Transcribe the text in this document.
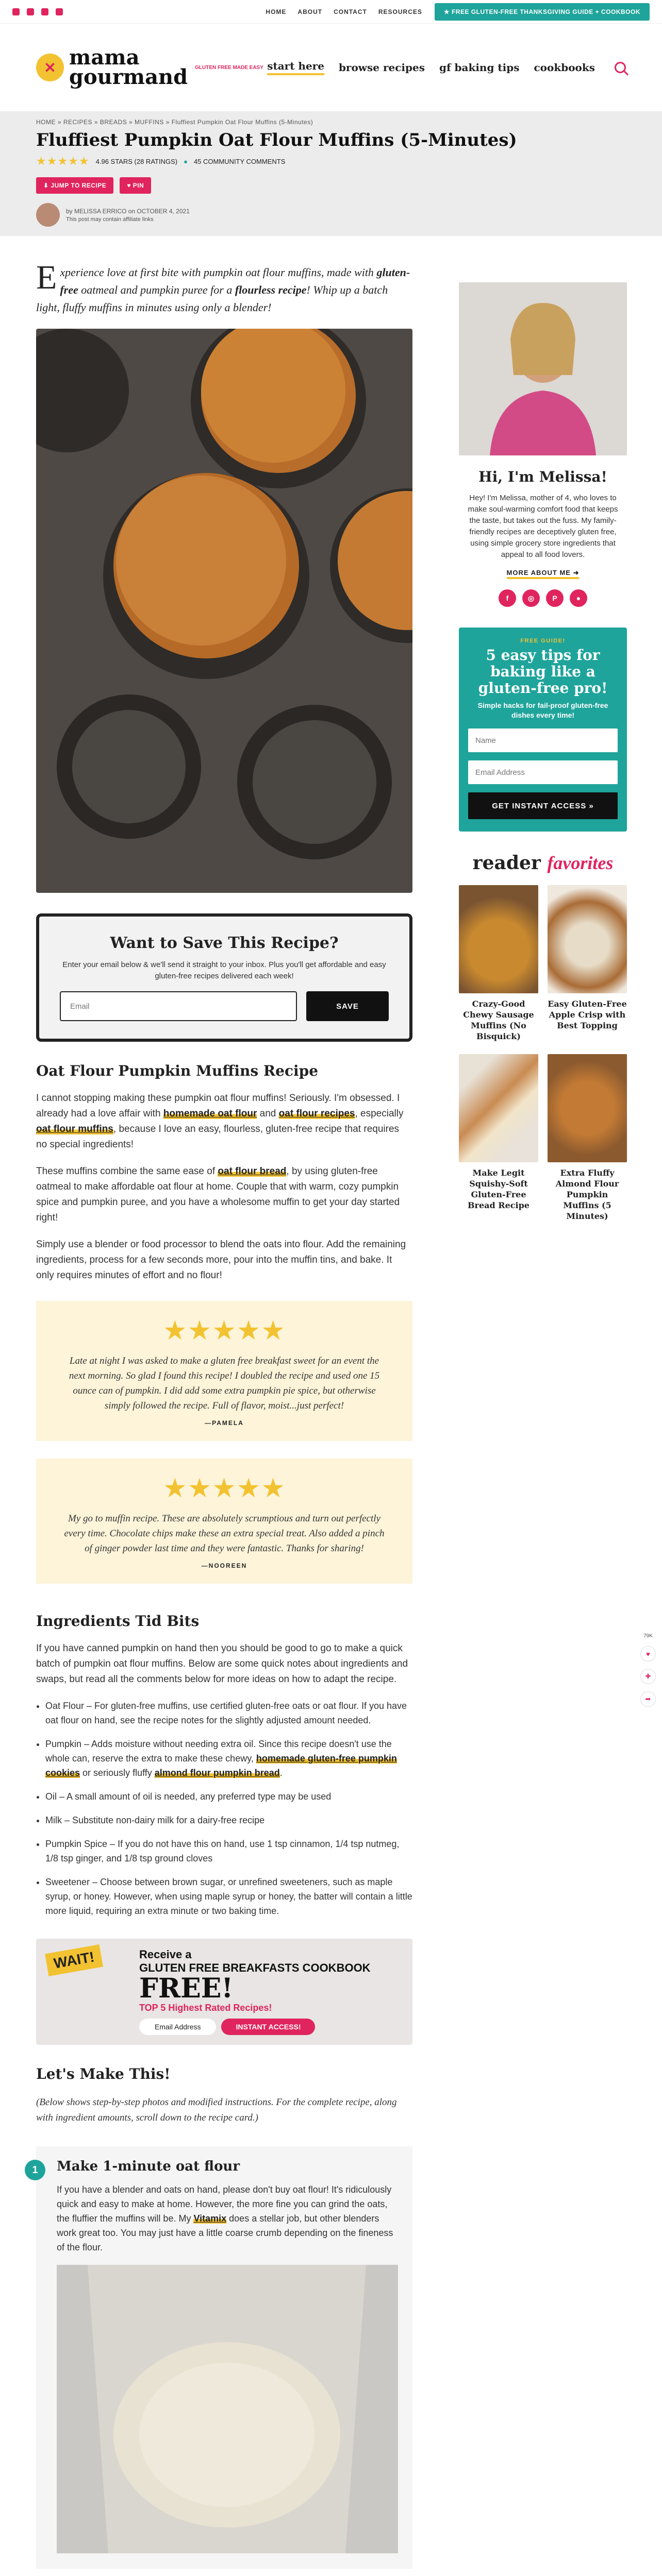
HOME ABOUT CONTACT RESOURCES	★ FREE GLUTEN-FREE THANKSGIVING GUIDE + COOKBOOK
✕ mama
gourmand GLUTEN FREE MADE EASY start here browse recipes gf baking tips cookbooks
HOME » RECIPES » BREADS » MUFFINS » Fluffiest Pumpkin Oat Flour Muffins (5-Minutes)
Fluffiest Pumpkin Oat Flour Muffins (5-Minutes)
★★★★★ 4.96 STARS (28 RATINGS) ● 45 COMMUNITY COMMENTS
⬇ JUMP TO RECIPE	♥ PIN
by MELISSA ERRICO on OCTOBER 4, 2021
This post may contain affiliate links

Experience love at first bite with pumpkin oat flour muffins, made with gluten-free oatmeal and pumpkin puree for a flourless recipe! Whip up a batch light, fluffy muffins in minutes using only a blender!

Want to Save This Recipe?

Enter your email below & we'll send it straight to your inbox. Plus you'll get affordable and easy gluten-free recipes delivered each week!

Email
SAVE
Oat Flour Pumpkin Muffins Recipe

I cannot stopping making these pumpkin oat flour muffins! Seriously. I'm obsessed. I already had a love affair with homemade oat flour and oat flour recipes, especially oat flour muffins, because I love an easy, flourless, gluten-free recipe that requires no special ingredients!

These muffins combine the same ease of oat flour bread, by using gluten-free oatmeal to make affordable oat flour at home. Couple that with warm, cozy pumpkin spice and pumpkin puree, and you have a wholesome muffin to get your day started right!

Simply use a blender or food processor to blend the oats into flour. Add the remaining ingredients, process for a few seconds more, pour into the muffin tins, and bake. It only requires minutes of effort and no flour!

★★★★★

Late at night I was asked to make a gluten free breakfast sweet for an event the next morning. So glad I found this recipe! I doubled the recipe and used one 15 ounce can of pumpkin. I did add some extra pumpkin pie spice, but otherwise simply followed the recipe. Full of flavor, moist...just perfect!

—PAMELA
★★★★★

My go to muffin recipe. These are absolutely scrumptious and turn out perfectly every time. Chocolate chips make these an extra special treat. Also added a pinch of ginger powder last time and they were fantastic. Thanks for sharing!

—NOOREEN
Ingredients Tid Bits

If you have canned pumpkin on hand then you should be good to go to make a quick batch of pumpkin oat flour muffins. Below are some quick notes about ingredients and swaps, but read all the comments below for more ideas on how to adapt the recipe.

• Oat Flour – For gluten-free muffins, use certified gluten-free oats or oat flour. If you have oat flour on hand, see the recipe notes for the slightly adjusted amount needed.
• Pumpkin – Adds moisture without needing extra oil. Since this recipe doesn't use the whole can, reserve the extra to make these chewy, homemade gluten-free pumpkin cookies or seriously fluffy almond flour pumpkin bread.
• Oil – A small amount of oil is needed, any preferred type may be used
• Milk – Substitute non-dairy milk for a dairy-free recipe
• Pumpkin Spice – If you do not have this on hand, use 1 tsp cinnamon, 1/4 tsp nutmeg, 1/8 tsp ginger, and 1/8 tsp ground cloves
• Sweetener – Choose between brown sugar, or unrefined sweeteners, such as maple syrup, or honey. However, when using maple syrup or honey, the batter will contain a little more liquid, requiring an extra minute or two baking time.
WAIT!	Receive a
GLUTEN FREE BREAKFASTS COOKBOOK
FREE!
TOP 5 Highest Rated Recipes!
Email Address	INSTANT ACCESS!
Let's Make This!

(Below shows step-by-step photos and modified instructions. For the complete recipe, along with ingredient amounts, scroll down to the recipe card.)

1	Make 1-minute oat flour

If you have a blender and oats on hand, please don't buy oat flour! It's ridiculously quick and easy to make at home. However, the more fine you can grind the oats, the fluffier the muffins will be. My Vitamix does a stellar job, but other blenders work great too. You may just have a little coarse crumb depending on the fineness of the flour.

Hi, I'm Melissa!

Hey! I'm Melissa, mother of 4, who loves to make soul-warming comfort food that keeps the taste, but takes out the fuss. My family-friendly recipes are deceptively gluten free, using simple grocery store ingredients that appeal to all food lovers.

MORE ABOUT ME ➜
f	◎	P	●
FREE GUIDE!
5 easy tips for baking like a gluten-free pro!
Simple hacks for fail-proof gluten-free dishes every time!
Name Email Address GET INSTANT ACCESS »
reader favorites
Crazy-Good Chewy Sausage Muffins (No Bisquick)
Easy Gluten-Free Apple Crisp with Best Topping
Make Legit Squishy-Soft Gluten-Free Bread Recipe
Extra Fluffy Almond Flour Pumpkin Muffins (5 Minutes)
79K
♥
✚
➦
